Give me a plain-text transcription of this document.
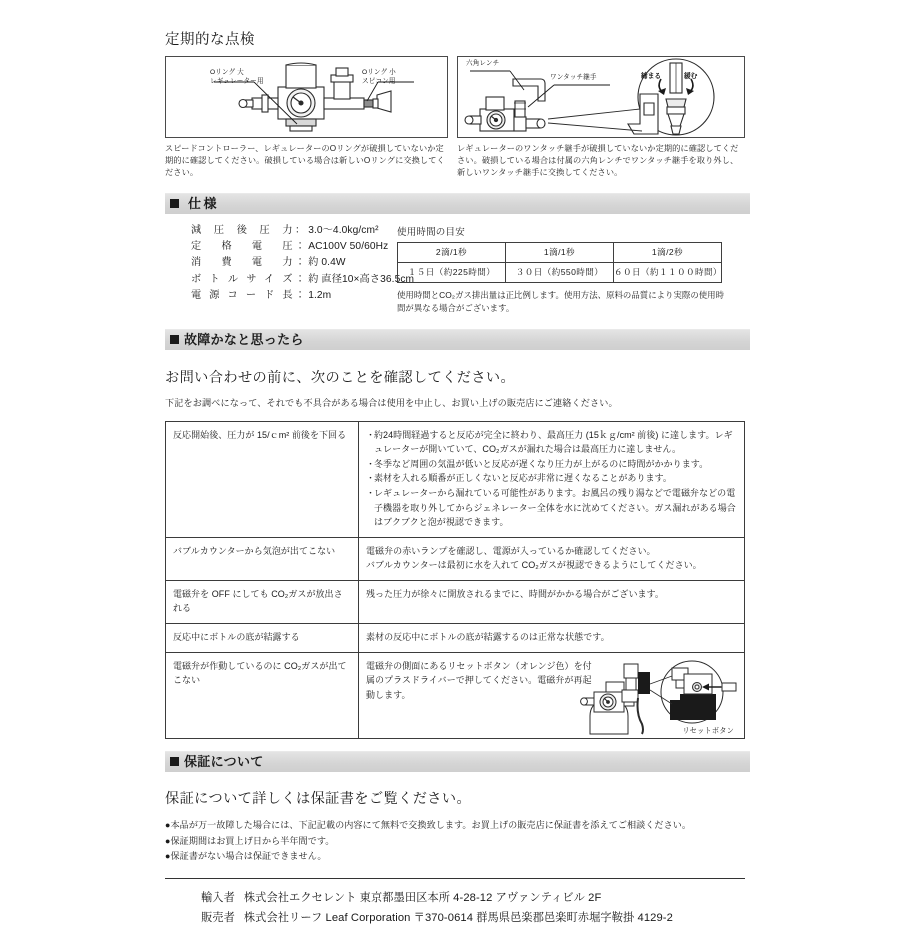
定期的な点検
Oリング 大
レギュレーター用
Oリング 小
スピコン用
六角レンチ
ワンタッチ継手	締まる	緩む
スピードコントローラー、レギュレーターのOリングが破損していないか定期的に確認してください。破損している場合は新しいOリングに交換してください。
レギュレーターのワンタッチ継手が破損していないか定期的に確認してください。破損している場合は付属の六角レンチでワンタッチ継手を取り外し、新しいワンタッチ継手に交換してください。
仕様
減圧後圧力： 3.0〜4.0kg/cm²
定格電圧： AC100V 50/60Hz
消費電力： 約 0.4W
ボトルサイズ： 約 直径10×高さ36.5cm
電源コード長： 1.2m
使用時間の目安
2滴/1秒	1滴/1秒	1滴/2秒
１５日（約225時間）	３０日（約550時間）	６０日（約１１００時間）
使用時間とCO₂ガス排出量は正比例します。使用方法、原料の品質により実際の使用時間が異なる場合がございます。
故障かなと思ったら
お問い合わせの前に、次のことを確認してください。
下記をお調べになって、それでも不具合がある場合は使用を中止し、お買い上げの販売店にご連絡ください。
反応開始後、圧力が 15/ｃm² 前後を下回る	・
約24時間経過すると反応が完全に終わり、最高圧力 (15ｋｇ/cm² 前後) に達します。レギュレーターが開いていて、CO₂ガスが漏れた場合は最高圧力に達しません。
・
冬季など周囲の気温が低いと反応が遅くなり圧力が上がるのに時間がかかります。
・
素材を入れる順番が正しくないと反応が非常に遅くなることがあります。
・
レギュレーターから漏れている可能性があります。お風呂の残り湯などで電磁弁などの電子機器を取り外してからジェネレーター全体を水に沈めてください。ガス漏れがある場合はブクブクと泡が視認できます。

バブルカウンターから気泡が出てこない	電磁弁の赤いランプを確認し、電源が入っているか確認してください。
バブルカウンターは最初に水を入れて CO₂ガスが視認できるようにしてください。

電磁弁を OFF にしても CO₂ガスが放出される	残った圧力が徐々に開放されるまでに、時間がかかる場合がございます。

反応中にボトルの底が結露する	素材の反応中にボトルの底が結露するのは正常な状態です。

電磁弁が作動しているのに CO₂ガスが出てこない	電磁弁の側面にあるリセットボタン（オレンジ色）を付属のプラスドライバーで押してください。電磁弁が再起動します。
リセットボタン
保証について
保証について詳しくは保証書をご覧ください。
●本品が万一故障した場合には、下記記載の内容にて無料で交換致します。お買上げの販売店に保証書を添えてご相談ください。
●保証期間はお買上げ日から半年間です。
●保証書がない場合は保証できません。
輸入者 株式会社エクセレント 東京都墨田区本所 4-28-12 アヴァンティビル 2F
販売者 株式会社リーフ Leaf Corporation 〒370-0614 群馬県邑楽郡邑楽町赤堀字鞍掛 4129-2
